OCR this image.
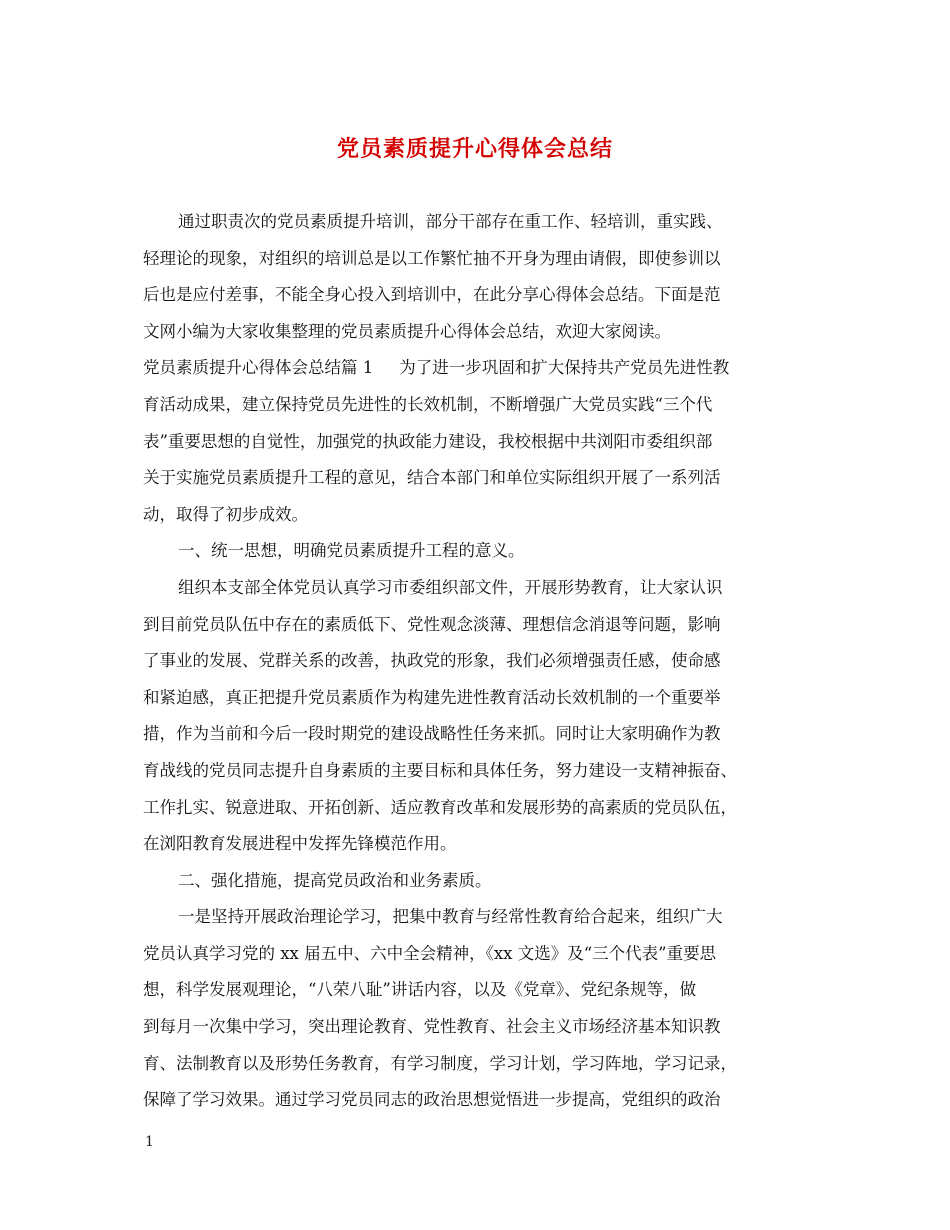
党员素质提升心得体会总结
通过职责次的党员素质提升培训，部分干部存在重工作、轻培训，重实践、
轻理论的现象，对组织的培训总是以工作繁忙抽不开身为理由请假，即使参训以
后也是应付差事，不能全身心投入到培训中，在此分享心得体会总结。下面是范
文网小编为大家收集整理的党员素质提升心得体会总结，欢迎大家阅读。
党员素质提升心得体会总结篇 1 为了进一步巩固和扩大保持共产党员先进性教
育活动成果，建立保持党员先进性的长效机制，不断增强广大党员实践“三个代
表”重要思想的自觉性，加强党的执政能力建设，我校根据中共浏阳市委组织部
关于实施党员素质提升工程的意见，结合本部门和单位实际组织开展了一系列活
动，取得了初步成效。
一、统一思想，明确党员素质提升工程的意义。
组织本支部全体党员认真学习市委组织部文件，开展形势教育，让大家认识
到目前党员队伍中存在的素质低下、党性观念淡薄、理想信念消退等问题，影响
了事业的发展、党群关系的改善，执政党的形象，我们必须增强责任感，使命感
和紧迫感，真正把提升党员素质作为构建先进性教育活动长效机制的一个重要举
措，作为当前和今后一段时期党的建设战略性任务来抓。同时让大家明确作为教
育战线的党员同志提升自身素质的主要目标和具体任务，努力建设一支精神振奋、
工作扎实、锐意进取、开拓创新、适应教育改革和发展形势的高素质的党员队伍，
在浏阳教育发展进程中发挥先锋模范作用。
二、强化措施，提高党员政治和业务素质。
一是坚持开展政治理论学习，把集中教育与经常性教育给合起来，组织广大
党员认真学习党的 xx 届五中、六中全会精神，《xx 文选》及“三个代表”重要思
想，科学发展观理论，“八荣八耻”讲话内容，以及《党章》、党纪条规等，做
到每月一次集中学习，突出理论教育、党性教育、社会主义市场经济基本知识教
育、法制教育以及形势任务教育，有学习制度，学习计划，学习阵地，学习记录，
保障了学习效果。通过学习党员同志的政治思想觉悟进一步提高，党组织的政治
1
